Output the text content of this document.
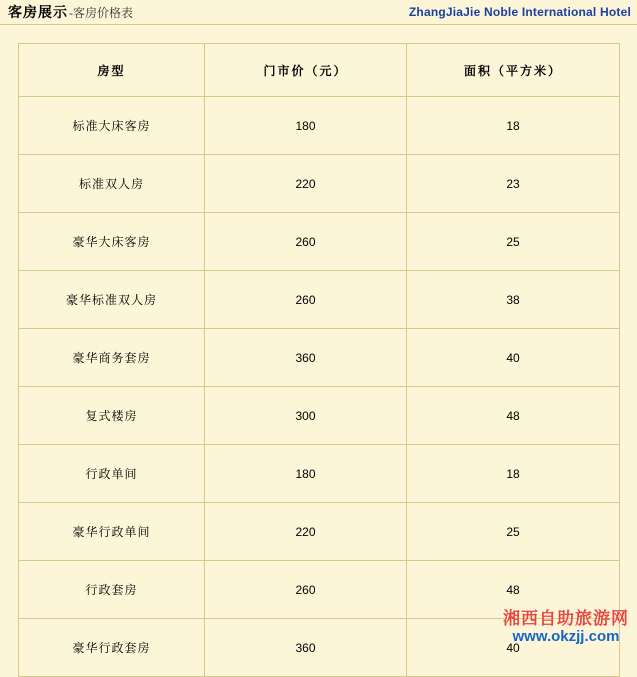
客房展示 -客房价格表	ZhangJiaJie Noble International Hotel
房型	门市价（元）	面积（平方米）
标准大床客房	180	18
标准双人房	220	23
豪华大床客房	260	25
豪华标准双人房	260	38
豪华商务套房	360	40
复式楼房	300	48
行政单间	180	18
豪华行政单间	220	25
行政套房	260	48
豪华行政套房	360	40
湘西自助旅游网
www.okzjj.com
